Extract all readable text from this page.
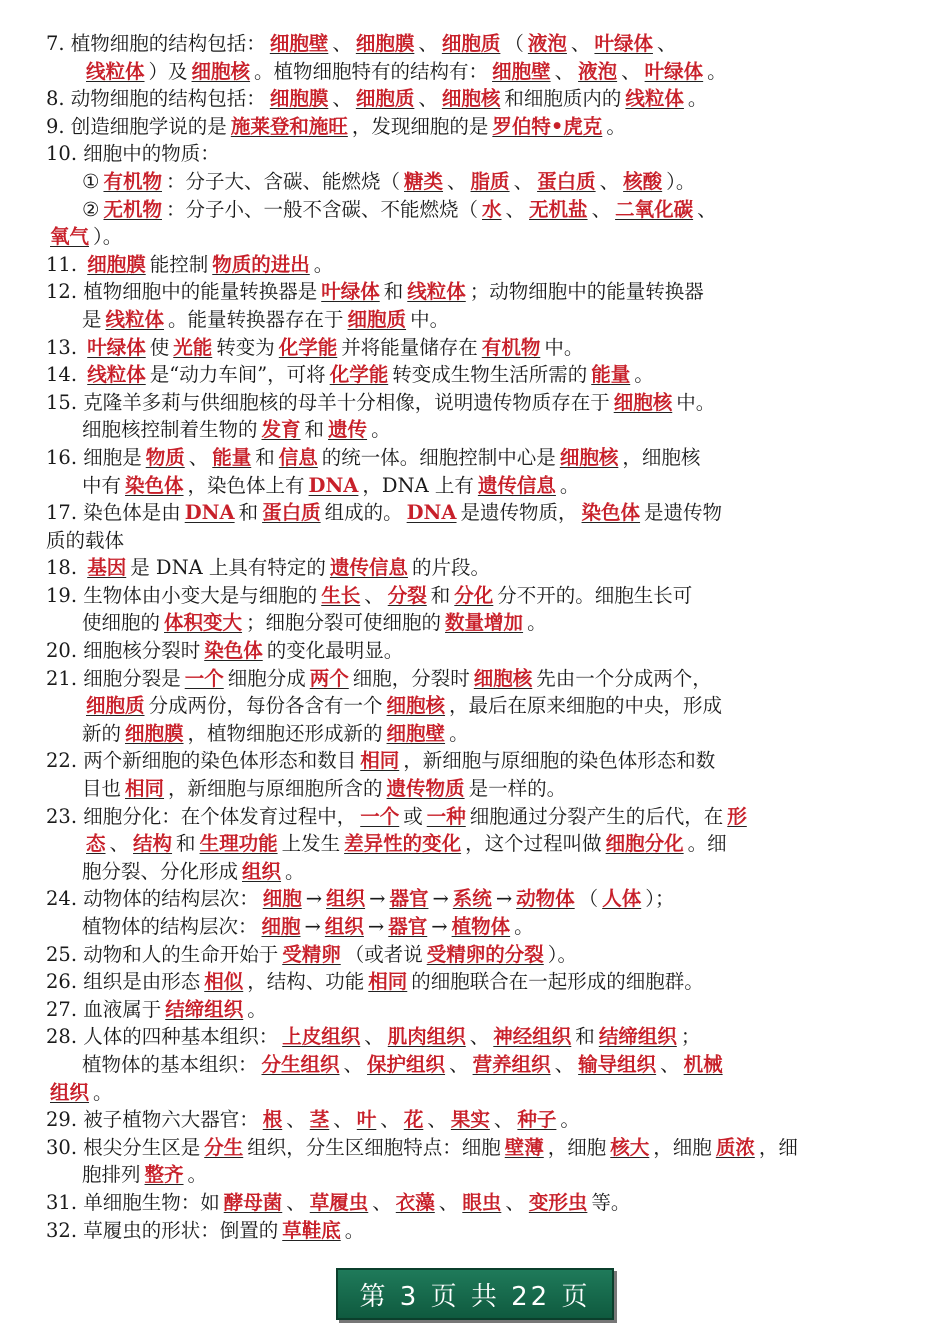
7. 植物细胞的结构包括： 细胞壁 、 细胞膜 、 细胞质 （ 液泡 、 叶绿体 、
线粒体 ）及 细胞核 。植物细胞特有的结构有： 细胞壁 、 液泡 、 叶绿体 。
8. 动物细胞的结构包括： 细胞膜 、 细胞质 、 细胞核 和细胞质内的 线粒体 。
9. 创造细胞学说的是 施莱登和施旺 ，发现细胞的是 罗伯特•虎克 。
10. 细胞中的物质：
① 有机物 ：分子大、含碳、能燃烧（ 糖类 、 脂质 、 蛋白质 、 核酸 ）。
② 无机物 ：分子小、一般不含碳、不能燃烧（ 水 、 无机盐 、 二氧化碳 、
氧气 ）。
11. 细胞膜 能控制 物质的进出 。
12. 植物细胞中的能量转换器是 叶绿体 和 线粒体 ；动物细胞中的能量转换器
是 线粒体 。能量转换器存在于 细胞质 中。
13. 叶绿体 使 光能 转变为 化学能 并将能量储存在 有机物 中。
14. 线粒体 是“动力车间”，可将 化学能 转变成生物生活所需的 能量 。
15. 克隆羊多莉与供细胞核的母羊十分相像，说明遗传物质存在于 细胞核 中。
细胞核控制着生物的 发育 和 遗传 。
16. 细胞是 物质 、 能量 和 信息 的统一体。细胞控制中心是 细胞核 ，细胞核
中有 染色体 ，染色体上有 DNA ，DNA 上有 遗传信息 。
17. 染色体是由 DNA 和 蛋白质 组成的。 DNA 是遗传物质， 染色体 是遗传物
质的载体
18. 基因 是 DNA 上具有特定的 遗传信息 的片段。
19. 生物体由小变大是与细胞的 生长 、 分裂 和 分化 分不开的。细胞生长可
使细胞的 体积变大 ；细胞分裂可使细胞的 数量增加 。
20. 细胞核分裂时 染色体 的变化最明显。
21. 细胞分裂是 一个 细胞分成 两个 细胞，分裂时 细胞核 先由一个分成两个，
细胞质 分成两份，每份各含有一个 细胞核 ，最后在原来细胞的中央，形成
新的 细胞膜 ，植物细胞还形成新的 细胞壁 。
22. 两个新细胞的染色体形态和数目 相同 ，新细胞与原细胞的染色体形态和数
目也 相同 ，新细胞与原细胞所含的 遗传物质 是一样的。
23. 细胞分化：在个体发育过程中， 一个 或 一种 细胞通过分裂产生的后代，在 形
态 、 结构 和 生理功能 上发生 差异性的变化 ，这个过程叫做 细胞分化 。细
胞分裂、分化形成 组织 。
24. 动物体的结构层次： 细胞 → 组织 → 器官 → 系统 → 动物体 （ 人体 ）；
植物体的结构层次： 细胞 → 组织 → 器官 → 植物体 。
25. 动物和人的生命开始于 受精卵 （或者说 受精卵的分裂 ）。
26. 组织是由形态 相似 ，结构、功能 相同 的细胞联合在一起形成的细胞群。
27. 血液属于 结缔组织 。
28. 人体的四种基本组织： 上皮组织 、 肌肉组织 、 神经组织 和 结缔组织 ；
植物体的基本组织： 分生组织 、 保护组织 、 营养组织 、 输导组织 、 机械
组织 。
29. 被子植物六大器官： 根 、 茎 、 叶 、 花 、 果实 、 种子 。
30. 根尖分生区是 分生 组织，分生区细胞特点：细胞 壁薄 ，细胞 核大 ，细胞 质浓 ，细
胞排列 整齐 。
31. 单细胞生物：如 酵母菌 、 草履虫 、 衣藻 、 眼虫 、 变形虫 等。
32. 草履虫的形状：倒置的 草鞋底 。
第 3 页 共 22 页
